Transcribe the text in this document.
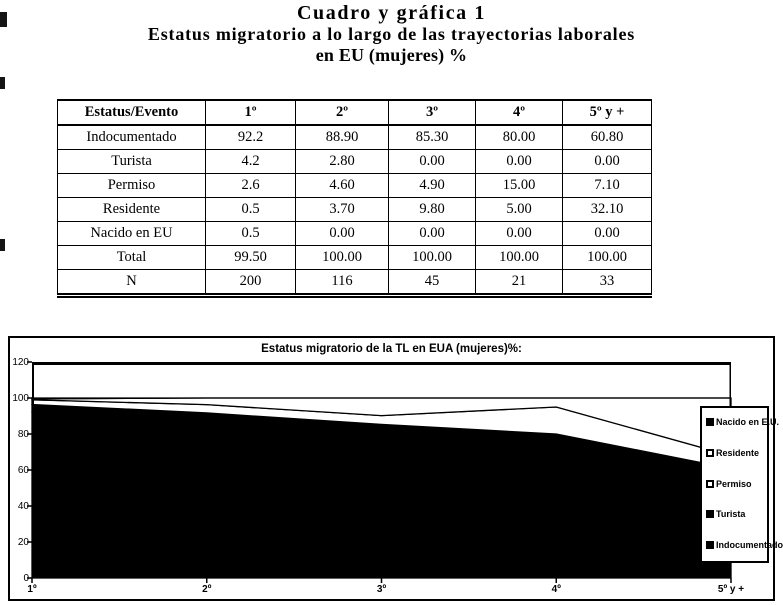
Cuadro y gráfica 1
Estatus migratorio a lo largo de las trayectorias laborales
en EU (mujeres) %
Estatus/Evento	1º	2º	3º	4º	5º y +
Indocumentado	92.2	88.90	85.30	80.00	60.80
Turista	4.2	2.80	0.00	0.00	0.00
Permiso	2.6	4.60	4.90	15.00	7.10
Residente	0.5	3.70	9.80	5.00	32.10
Nacido en EU	0.5	0.00	0.00	0.00	0.00
Total	99.50	100.00	100.00	100.00	100.00
N	200	116	45	21	33
Estatus migratorio de la TL en EUA (mujeres)%:
Nacido en E.U.
Residente
Permiso
Turista
Indocumentado
0
20
40
60
80
100
120
1º	2º	3º	4º	5º y +
